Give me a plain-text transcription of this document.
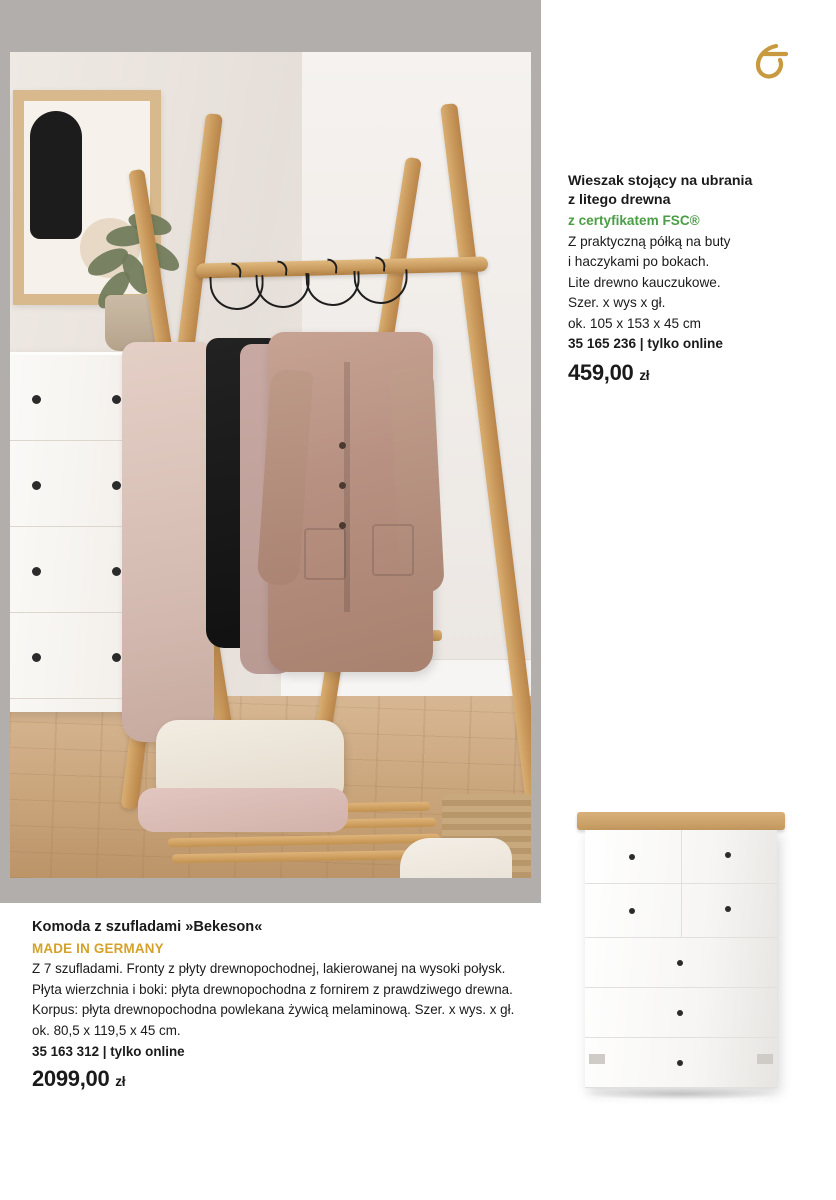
Wieszak stojący na ubrania
z litego drewna
z certyfikatem FSC®
Z praktyczną półką na buty
i haczykami po bokach.
Lite drewno kauczukowe.
Szer. x wys x gł.
ok. 105 x 153 x 45 cm
35 165 236 | tylko online
459,00 zł
Komoda z szufladami »Bekeson«
MADE IN GERMANY
Z 7 szufladami. Fronty z płyty drewnopochodnej, lakierowanej na wysoki połysk.
Płyta wierzchnia i boki: płyta drewnopochodna z fornirem z prawdziwego drewna.
Korpus: płyta drewnopochodna powlekana żywicą melaminową. Szer. x wys. x gł.
ok. 80,5 x 119,5 x 45 cm.
35 163 312 | tylko online
2099,00 zł
